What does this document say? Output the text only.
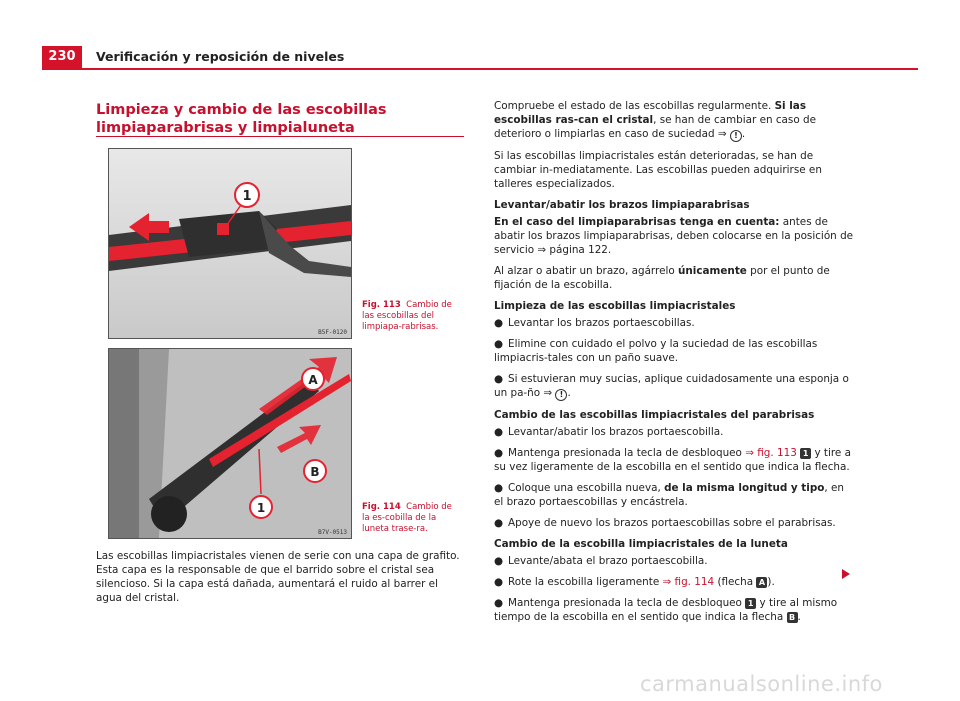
230	Verificación y reposición de niveles
Limpieza y cambio de las escobillas limpiaparabrisas y limpialuneta
1
B5F-0120
Fig. 113 Cambio de las escobillas del limpiapa-rabrisas.
A
B
1
B7V-0513
Fig. 114 Cambio de la es-cobilla de la luneta trase-ra.

Las escobillas limpiacristales vienen de serie con una capa de grafito. Esta capa es la responsable de que el barrido sobre el cristal sea silencioso. Si la capa está dañada, aumentará el ruido al barrer el agua del cristal.

Compruebe el estado de las escobillas regularmente. Si las escobillas ras-can el cristal, se han de cambiar en caso de deterioro o limpiarlas en caso de suciedad ⇒ ! .

Si las escobillas limpiacristales están deterioradas, se han de cambiar in-mediatamente. Las escobillas pueden adquirirse en talleres especializados.

Levantar/abatir los brazos limpiaparabrisas

En el caso del limpiaparabrisas tenga en cuenta: antes de abatir los brazos limpiaparabrisas, deben colocarse en la posición de servicio ⇒ página 122.

Al alzar o abatir un brazo, agárrelo únicamente por el punto de fijación de la escobilla.

Limpieza de las escobillas limpiacristales

● Levantar los brazos portaescobillas.

● Elimine con cuidado el polvo y la suciedad de las escobillas limpiacris-tales con un paño suave.

● Si estuvieran muy sucias, aplique cuidadosamente una esponja o un pa-ño ⇒ ! .

Cambio de las escobillas limpiacristales del parabrisas

● Levantar/abatir los brazos portaescobilla.

● Mantenga presionada la tecla de desbloqueo ⇒ fig. 113 1 y tire a su vez ligeramente de la escobilla en el sentido que indica la flecha.

● Coloque una escobilla nueva, de la misma longitud y tipo, en el brazo portaescobillas y encástrela.

● Apoye de nuevo los brazos portaescobillas sobre el parabrisas.

Cambio de la escobilla limpiacristales de la luneta

● Levante/abata el brazo portaescobilla.

● Rote la escobilla ligeramente ⇒ fig. 114 (flecha A ).

● Mantenga presionada la tecla de desbloqueo 1 y tire al mismo tiempo de la escobilla en el sentido que indica la flecha B .

carmanualsonline.info
